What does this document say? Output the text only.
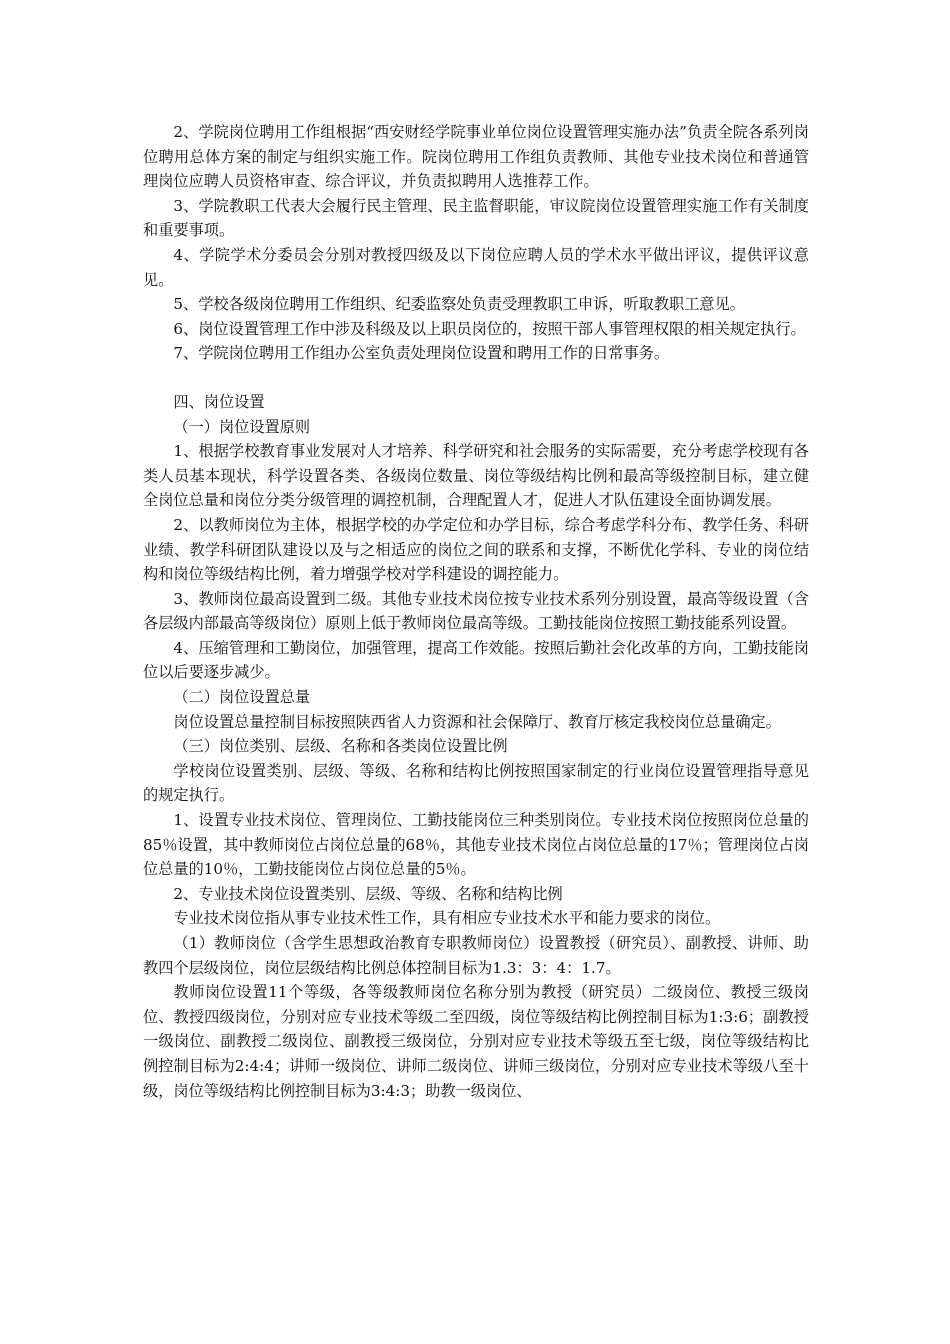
2、学院岗位聘用工作组根据“西安财经学院事业单位岗位设置管理实施办法”负责全院各系列岗位聘用总体方案的制定与组织实施工作。院岗位聘用工作组负责教师、其他专业技术岗位和普通管理岗位应聘人员资格审查、综合评议，并负责拟聘用人选推荐工作。

3、学院教职工代表大会履行民主管理、民主监督职能，审议院岗位设置管理实施工作有关制度和重要事项。

4、学院学术分委员会分别对教授四级及以下岗位应聘人员的学术水平做出评议，提供评议意见。

5、学校各级岗位聘用工作组织、纪委监察处负责受理教职工申诉，听取教职工意见。

6、岗位设置管理工作中涉及科级及以上职员岗位的，按照干部人事管理权限的相关规定执行。

7、学院岗位聘用工作组办公室负责处理岗位设置和聘用工作的日常事务。

四、岗位设置

（一）岗位设置原则

1、根据学校教育事业发展对人才培养、科学研究和社会服务的实际需要，充分考虑学校现有各类人员基本现状，科学设置各类、各级岗位数量、岗位等级结构比例和最高等级控制目标，建立健全岗位总量和岗位分类分级管理的调控机制，合理配置人才，促进人才队伍建设全面协调发展。

2、以教师岗位为主体，根据学校的办学定位和办学目标，综合考虑学科分布、教学任务、科研业绩、教学科研团队建设以及与之相适应的岗位之间的联系和支撑，不断优化学科、专业的岗位结构和岗位等级结构比例，着力增强学校对学科建设的调控能力。

3、教师岗位最高设置到二级。其他专业技术岗位按专业技术系列分别设置，最高等级设置（含各层级内部最高等级岗位）原则上低于教师岗位最高等级。工勤技能岗位按照工勤技能系列设置。

4、压缩管理和工勤岗位，加强管理，提高工作效能。按照后勤社会化改革的方向，工勤技能岗位以后要逐步减少。

（二）岗位设置总量

岗位设置总量控制目标按照陕西省人力资源和社会保障厅、教育厅核定我校岗位总量确定。

（三）岗位类别、层级、名称和各类岗位设置比例

学校岗位设置类别、层级、等级、名称和结构比例按照国家制定的行业岗位设置管理指导意见的规定执行。

1、设置专业技术岗位、管理岗位、工勤技能岗位三种类别岗位。专业技术岗位按照岗位总量的85％设置，其中教师岗位占岗位总量的68％，其他专业技术岗位占岗位总量的17％；管理岗位占岗位总量的10％，工勤技能岗位占岗位总量的5％。

2、专业技术岗位设置类别、层级、等级、名称和结构比例

专业技术岗位指从事专业技术性工作，具有相应专业技术水平和能力要求的岗位。

（1）教师岗位（含学生思想政治教育专职教师岗位）设置教授（研究员）、副教授、讲师、助教四个层级岗位，岗位层级结构比例总体控制目标为1.3：3：4：1.7。

教师岗位设置11个等级，各等级教师岗位名称分别为教授（研究员）二级岗位、教授三级岗位、教授四级岗位，分别对应专业技术等级二至四级，岗位等级结构比例控制目标为1:3:6；副教授一级岗位、副教授二级岗位、副教授三级岗位，分别对应专业技术等级五至七级，岗位等级结构比例控制目标为2:4:4；讲师一级岗位、讲师二级岗位、讲师三级岗位，分别对应专业技术等级八至十级，岗位等级结构比例控制目标为3:4:3；助教一级岗位、
